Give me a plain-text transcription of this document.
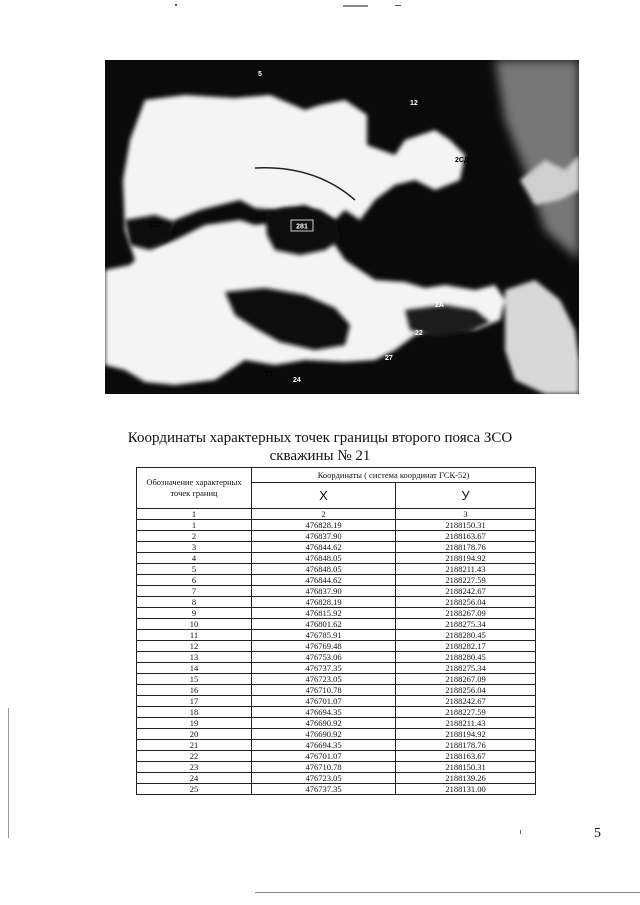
281
2А7
2СД
5
2А
22
27
21
24
12
Координаты характерных точек границы второго пояса ЗСО
скважины № 21
Обозначение характерных точек границ	Координаты ( система координат ГСК-52)	
	Х	У
1	2	3
1	476828.19	2188150.31
2	476837.90	2188163.67
3	476844.62	2188178.76
4	476848.05	2188194.92
5	476848.05	2188211.43
6	476844.62	2188227.59
7	476837.90	2188242.67
8	476828.19	2188256.04
9	476815.92	2188267.09
10	476801.62	2188275.34
11	476785.91	2188280.45
12	476769.48	2188282.17
13	476753.06	2188280.45
14	476737.35	2188275.34
15	476723.05	2188267.09
16	476710.78	2188256.04
17	476701.07	2188242.67
18	476694.35	2188227.59
19	476690.92	2188211.43
20	476690.92	2188194.92
21	476694.35	2188178.76
22	476701.07	2188163.67
23	476710.78	2188150.31
24	476723.05	2188139.26
25	476737.35	2188131.00
5
